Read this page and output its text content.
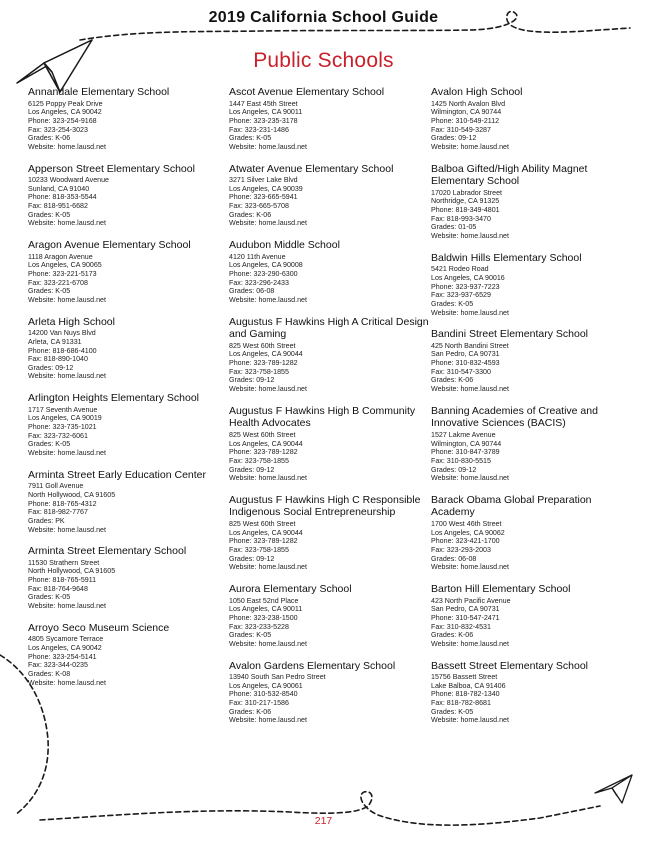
2019 California School Guide
Public Schools
Annandale Elementary School
6125 Poppy Peak Drive
Los Angeles, CA 90042
Phone: 323-254-9168
Fax: 323-254-3023
Grades: K-06
Website: home.lausd.net
Apperson Street Elementary School
10233 Woodward Avenue
Sunland, CA 91040
Phone: 818-353-5544
Fax: 818-951-6682
Grades: K-05
Website: home.lausd.net
Aragon Avenue Elementary School
1118 Aragon Avenue
Los Angeles, CA 90065
Phone: 323-221-5173
Fax: 323-221-6708
Grades: K-05
Website: home.lausd.net
Arleta High School
14200 Van Nuys Blvd
Arleta, CA 91331
Phone: 818-686-4100
Fax: 818-890-1040
Grades: 09-12
Website: home.lausd.net
Arlington Heights Elementary School
1717 Seventh Avenue
Los Angeles, CA 90019
Phone: 323-735-1021
Fax: 323-732-6061
Grades: K-05
Website: home.lausd.net
Arminta Street Early Education Center
7911 Goll Avenue
North Hollywood, CA 91605
Phone: 818-765-4312
Fax: 818-982-7767
Grades: PK
Website: home.lausd.net
Arminta Street Elementary School
11530 Strathern Street
North Hollywood, CA 91605
Phone: 818-765-5911
Fax: 818-764-9648
Grades: K-05
Website: home.lausd.net
Arroyo Seco Museum Science
4805 Sycamore Terrace
Los Angeles, CA 90042
Phone: 323-254-5141
Fax: 323-344-0235
Grades: K-08
Website: home.lausd.net
Ascot Avenue Elementary School
1447 East 45th Street
Los Angeles, CA 90011
Phone: 323-235-3178
Fax: 323-231-1486
Grades: K-05
Website: home.lausd.net
Atwater Avenue Elementary School
3271 Silver Lake Blvd
Los Angeles, CA 90039
Phone: 323-665-5941
Fax: 323-665-5708
Grades: K-06
Website: home.lausd.net
Audubon Middle School
4120 11th Avenue
Los Angeles, CA 90008
Phone: 323-290-6300
Fax: 323-296-2433
Grades: 06-08
Website: home.lausd.net
Augustus F Hawkins High A Critical Design and Gaming
825 West 60th Street
Los Angeles, CA 90044
Phone: 323-789-1282
Fax: 323-758-1855
Grades: 09-12
Website: home.lausd.net
Augustus F Hawkins High B Community Health Advocates
825 West 60th Street
Los Angeles, CA 90044
Phone: 323-789-1282
Fax: 323-758-1855
Grades: 09-12
Website: home.lausd.net
Augustus F Hawkins High C Responsible Indigenous Social Entrepreneurship
825 West 60th Street
Los Angeles, CA 90044
Phone: 323-789-1282
Fax: 323-758-1855
Grades: 09-12
Website: home.lausd.net
Aurora Elementary School
1050 East 52nd Place
Los Angeles, CA 90011
Phone: 323-238-1500
Fax: 323-233-5228
Grades: K-05
Website: home.lausd.net
Avalon Gardens Elementary School
13940 South San Pedro Street
Los Angeles, CA 90061
Phone: 310-532-8540
Fax: 310-217-1586
Grades: K-06
Website: home.lausd.net
Avalon High School
1425 North Avalon Blvd
Wilmington, CA 90744
Phone: 310-549-2112
Fax: 310-549-3287
Grades: 09-12
Website: home.lausd.net
Balboa Gifted/High Ability Magnet Elementary School
17020 Labrador Street
Northridge, CA 91325
Phone: 818-349-4801
Fax: 818-993-3470
Grades: 01-05
Website: home.lausd.net
Baldwin Hills Elementary School
5421 Rodeo Road
Los Angeles, CA 90016
Phone: 323-937-7223
Fax: 323-937-6529
Grades: K-05
Website: home.lausd.net
Bandini Street Elementary School
425 North Bandini Street
San Pedro, CA 90731
Phone: 310-832-4593
Fax: 310-547-3300
Grades: K-06
Website: home.lausd.net
Banning Academies of Creative and Innovative Sciences (BACIS)
1527 Lakme Avenue
Wilmington, CA 90744
Phone: 310-847-3789
Fax: 310-830-5515
Grades: 09-12
Website: home.lausd.net
Barack Obama Global Preparation Academy
1700 West 46th Street
Los Angeles, CA 90062
Phone: 323-421-1700
Fax: 323-293-2003
Grades: 06-08
Website: home.lausd.net
Barton Hill Elementary School
423 North Pacific Avenue
San Pedro, CA 90731
Phone: 310-547-2471
Fax: 310-832-4531
Grades: K-06
Website: home.lausd.net
Bassett Street Elementary School
15756 Bassett Street
Lake Balboa, CA 91406
Phone: 818-782-1340
Fax: 818-782-8681
Grades: K-05
Website: home.lausd.net
217
